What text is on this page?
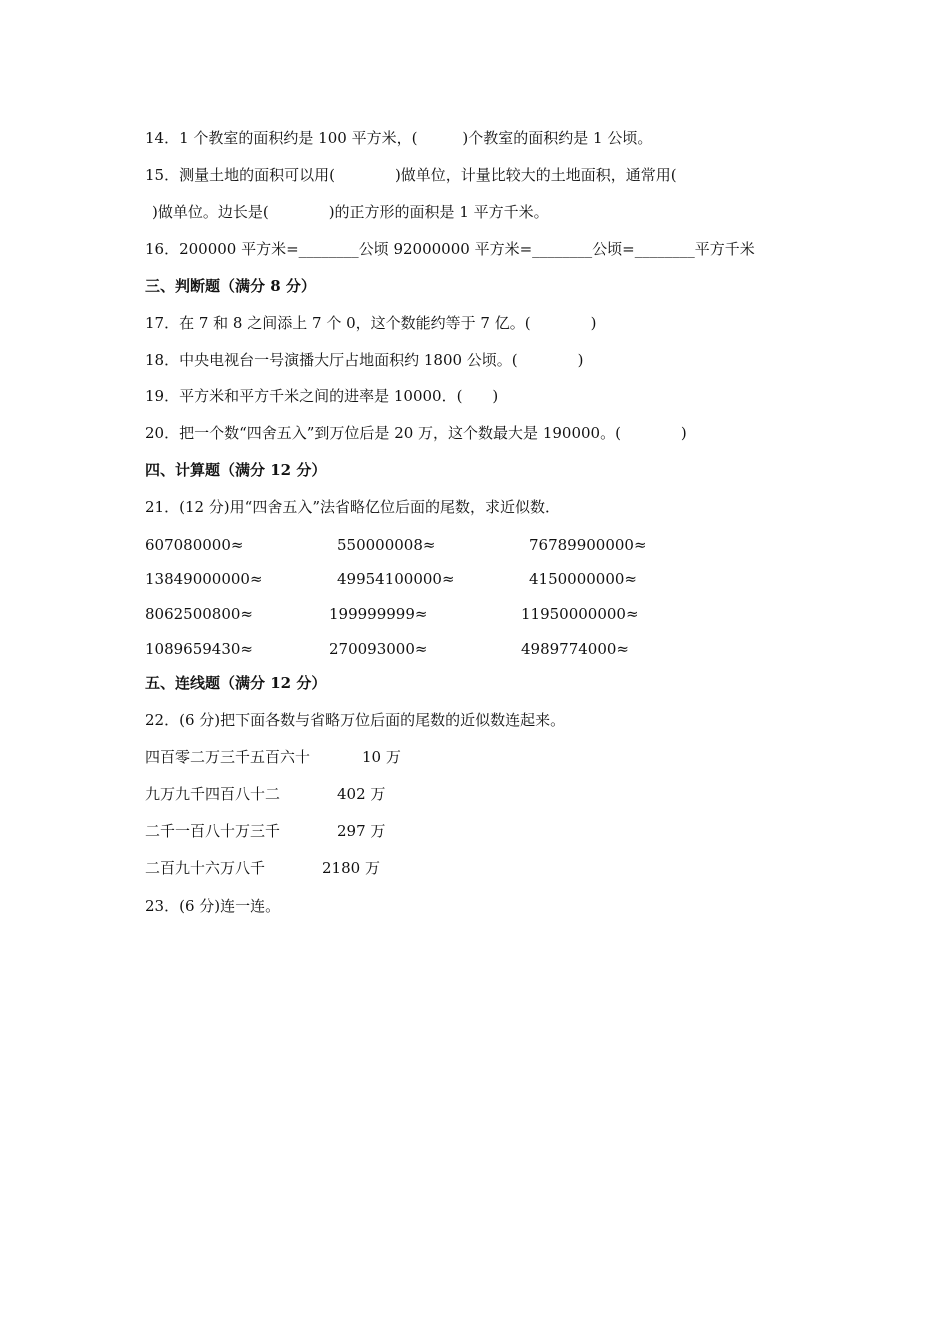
14．1 个教室的面积约是 100 平方米，(　　　)个教室的面积约是 1 公顷。
15．测量土地的面积可以用(　　　　)做单位，计量比较大的土地面积，通常用(
　)做单位。边长是(　　　　)的正方形的面积是 1 平方千米。
16．200000 平方米=________公顷 92000000 平方米=________公顷=________平方千米
三、判断题（满分 8 分）
17．在 7 和 8 之间添上 7 个 0，这个数能约等于 7 亿。(　　　　)
18．中央电视台一号演播大厅占地面积约 1800 公顷。(　　　　)
19．平方米和平方千米之间的进率是 10000．(　　)
20．把一个数“四舍五入”到万位后是 20 万，这个数最大是 190000。(　　　　)
四、计算题（满分 12 分）
21．(12 分)用“四舍五入”法省略亿位后面的尾数，求近似数．
607080000≈	550000008≈	76789900000≈
13849000000≈	49954100000≈	4150000000≈
8062500800≈	199999999≈	11950000000≈
1089659430≈	270093000≈	4989774000≈
五、连线题（满分 12 分）
22．(6 分)把下面各数与省略万位后面的尾数的近似数连起来。
四百零二万三千五百六十	10 万
九万九千四百八十二	402 万
二千一百八十万三千	297 万
二百九十六万八千	2180 万
23．(6 分)连一连。
